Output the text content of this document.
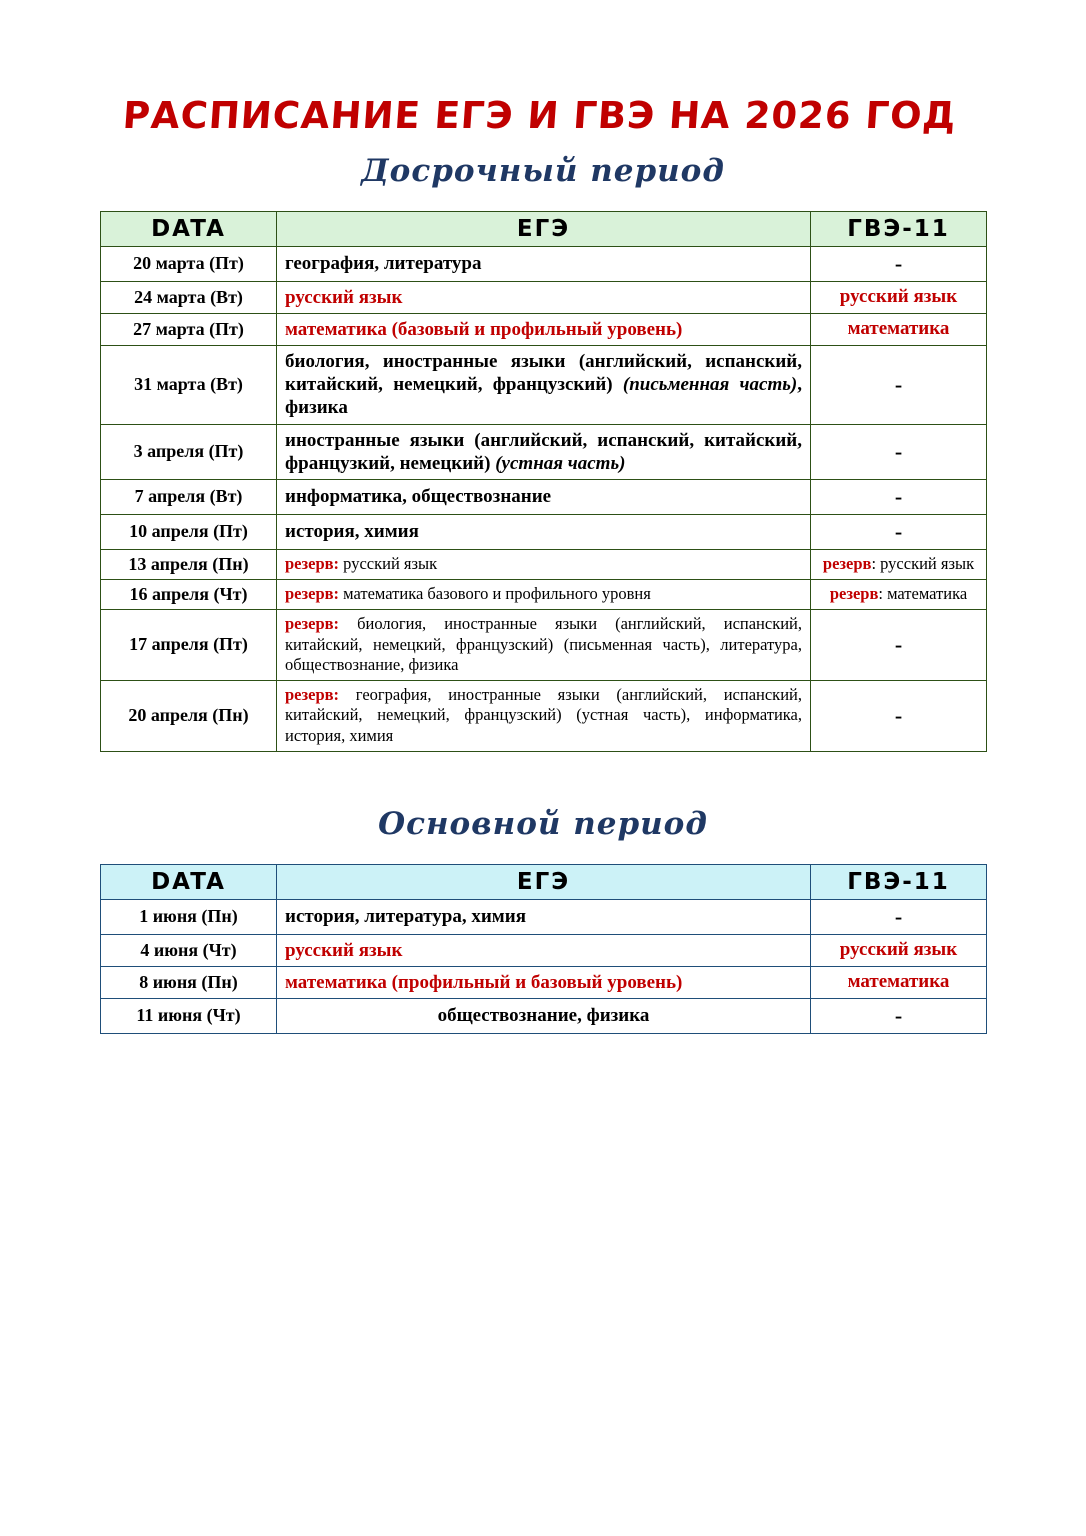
РАСПИСАНИЕ ЕГЭ И ГВЭ НА 2026 ГОД
Досрочный период
DATA	ЕГЭ	ГВЭ-11
20 марта (Пт)	география, литература	-
24 марта (Вт)	русский язык	русский язык
27 марта (Пт)	математика (базовый и профильный уровень)	математика
31 марта (Вт)	биология, иностранные языки (английский, испанский, китайский, немецкий, французский) (письменная часть), физика	-
3 апреля (Пт)	иностранные языки (английский, испанский, китайский, французкий, немецкий) (устная часть)	-
7 апреля (Вт)	информатика, обществознание	-
10 апреля (Пт)	история, химия	-
13 апреля (Пн)	резерв: русский язык	резерв: русский язык
16 апреля (Чт)	резерв: математика базового и профильного уровня	резерв: математика
17 апреля (Пт)	резерв: биология, иностранные языки (английский, испанский, китайский, немецкий, французский) (письменная часть), литература, обществознание, физика	-
20 апреля (Пн)	резерв: география, иностранные языки (английский, испанский, китайский, немецкий, французский) (устная часть), информатика, история, химия	-
Основной период
DATA	ЕГЭ	ГВЭ-11
1 июня (Пн)	история, литература, химия	-
4 июня (Чт)	русский язык	русский язык
8 июня (Пн)	математика (профильный и базовый уровень)	математика
11 июня (Чт)	обществознание, физика	-
